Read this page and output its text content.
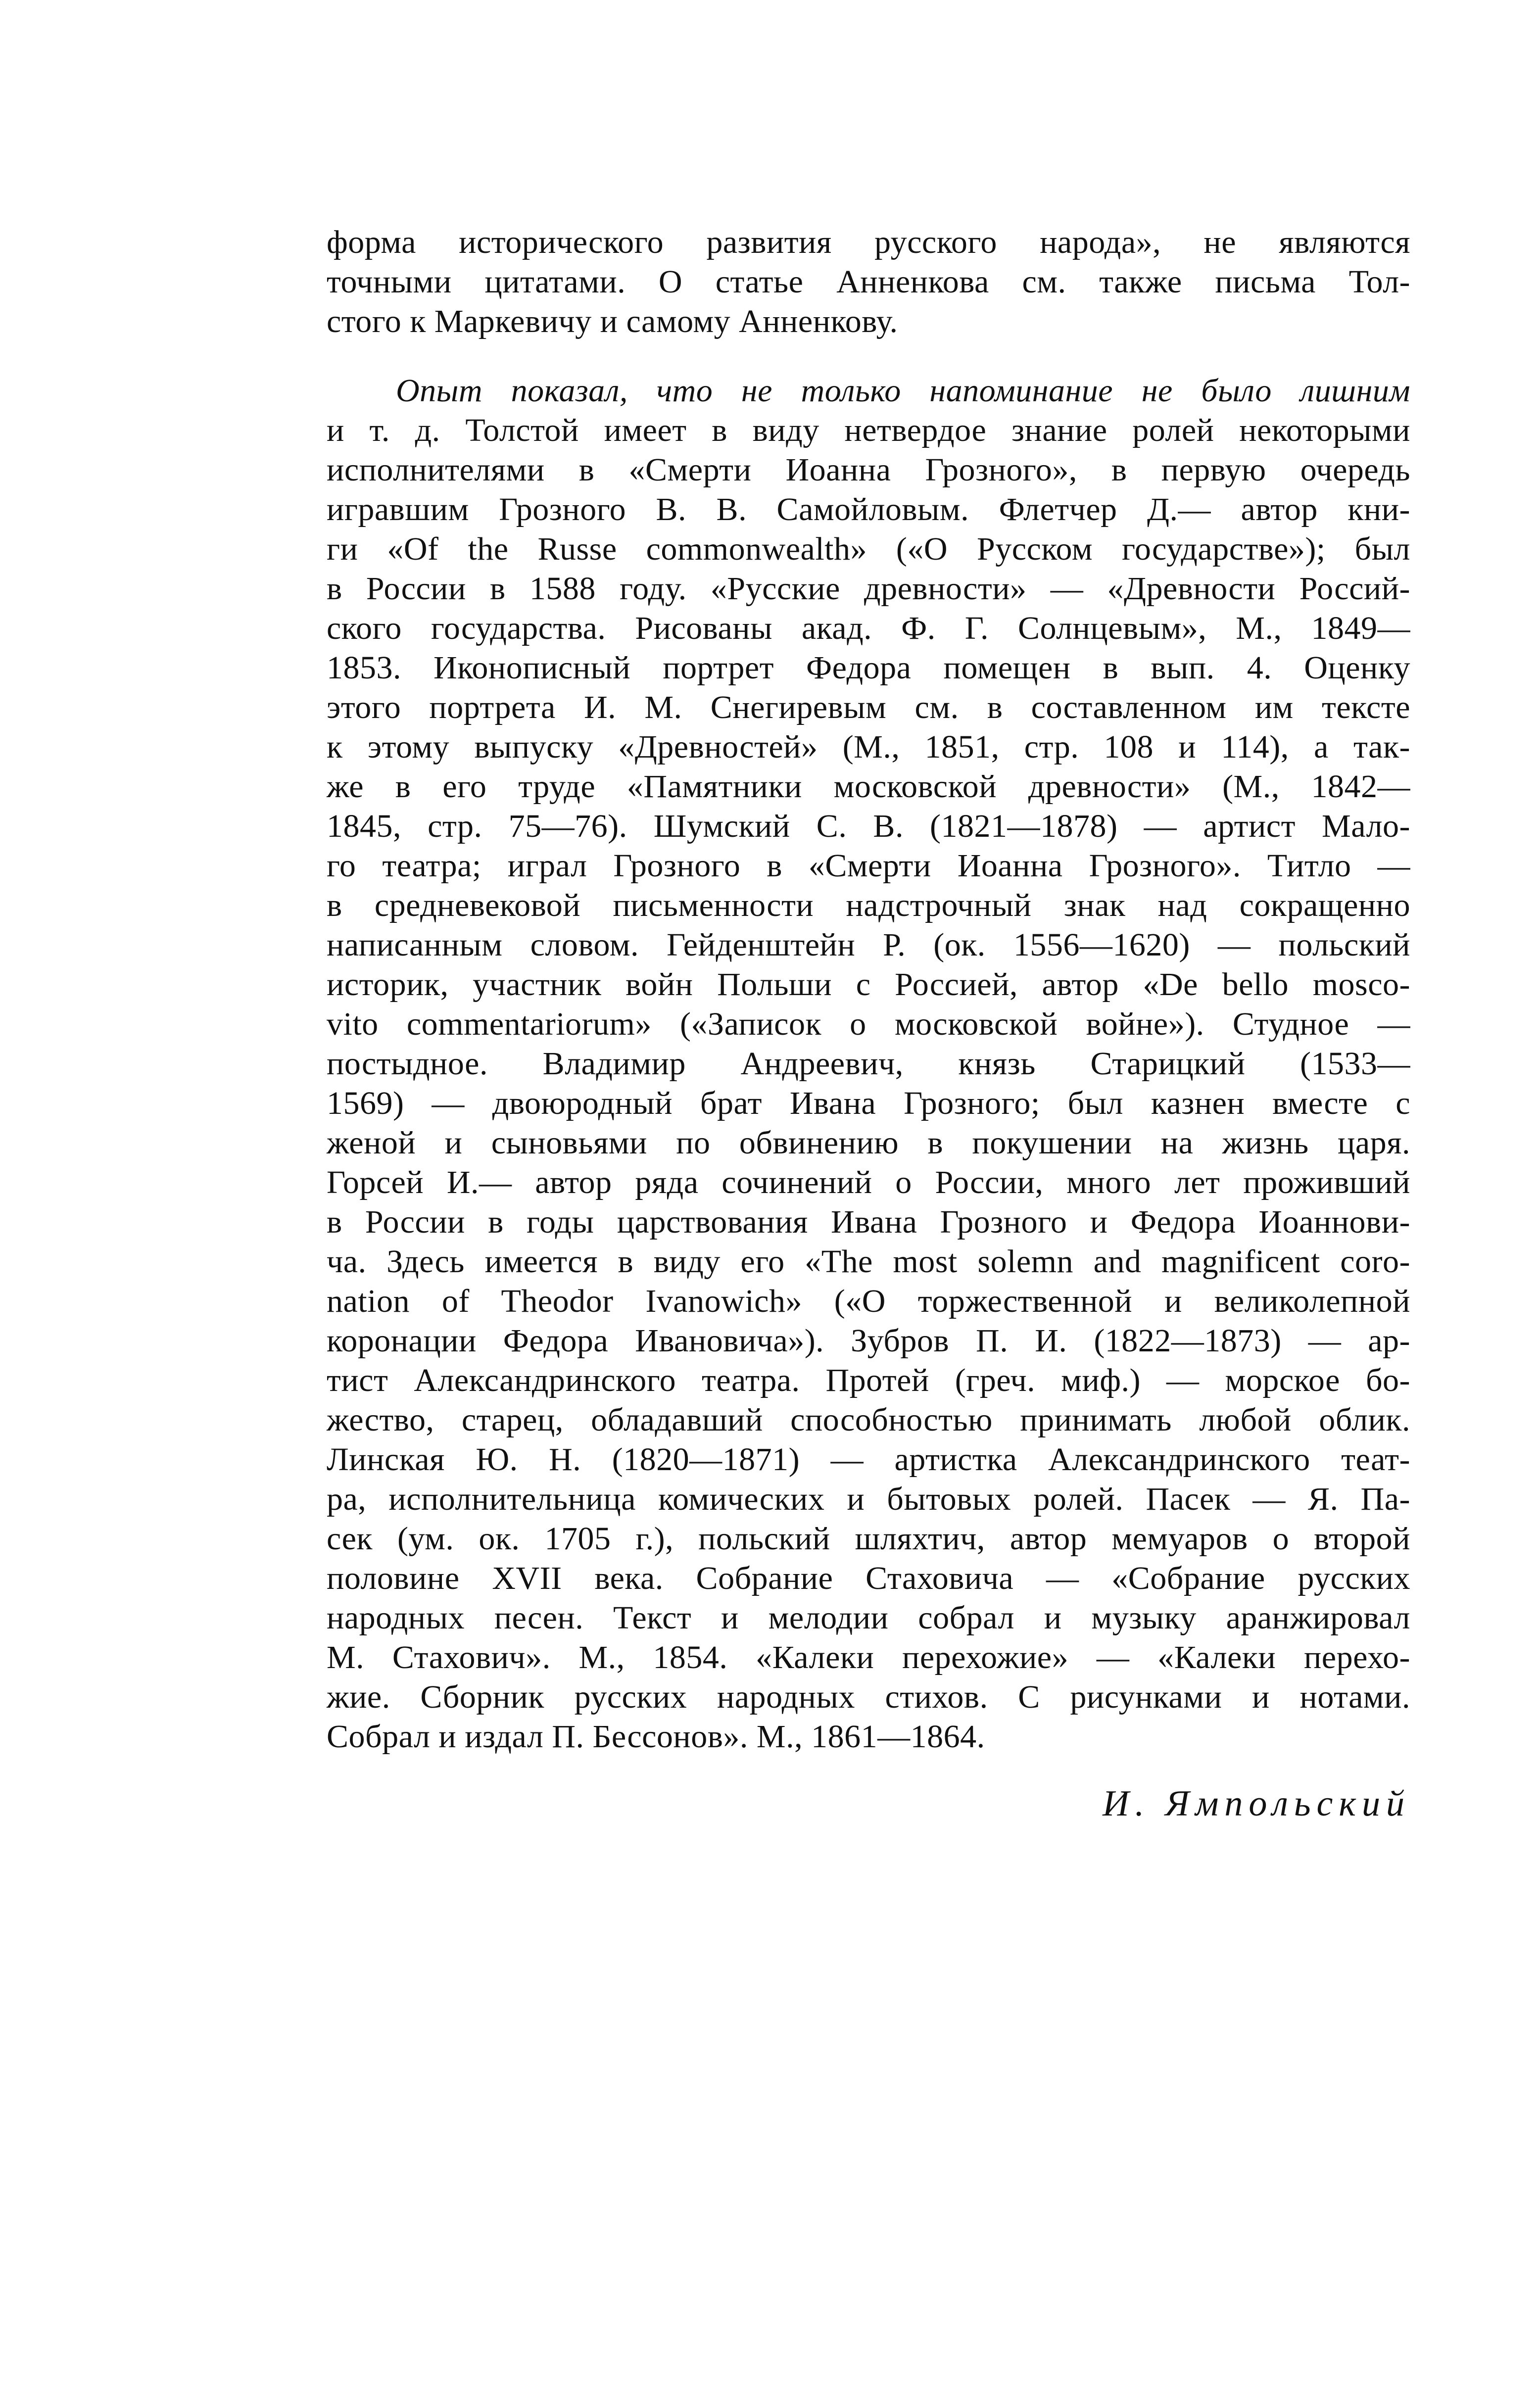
форма исторического развития русского народа», не являются
точными цитатами. О статье Анненкова см. также письма Тол-
стого к Маркевичу и самому Анненкову.
Опыт показал, что не только напоминание не было лишним
и т. д. Толстой имеет в виду нетвердое знание ролей некоторыми
исполнителями в «Смерти Иоанна Грозного», в первую очередь
игравшим Грозного В. В. Самойловым. Флетчер Д.— автор кни-
ги «Of the Russe commonwealth» («О Русском государстве»); был
в России в 1588 году. «Русские древности» — «Древности Россий-
ского государства. Рисованы акад. Ф. Г. Солнцевым», М., 1849—
1853. Иконописный портрет Федора помещен в вып. 4. Оценку
этого портрета И. М. Снегиревым см. в составленном им тексте
к этому выпуску «Древностей» (М., 1851, стр. 108 и 114), а так-
же в его труде «Памятники московской древности» (М., 1842—
1845, стр. 75—76). Шумский С. В. (1821—1878) — артист Мало-
го театра; играл Грозного в «Смерти Иоанна Грозного». Титло —
в средневековой письменности надстрочный знак над сокращенно
написанным словом. Гейденштейн Р. (ок. 1556—1620) — польский
историк, участник войн Польши с Россией, автор «De bello mosco-
vito commentariorum» («Записок о московской войне»). Студное —
постыдное. Владимир Андреевич, князь Старицкий (1533—
1569) — двоюродный брат Ивана Грозного; был казнен вместе с
женой и сыновьями по обвинению в покушении на жизнь царя.
Горсей И.— автор ряда сочинений о России, много лет проживший
в России в годы царствования Ивана Грозного и Федора Иоаннови-
ча. Здесь имеется в виду его «The most solemn and magnificent coro-
nation of Theodor Ivanowich» («О торжественной и великолепной
коронации Федора Ивановича»). Зубров П. И. (1822—1873) — ар-
тист Александринского театра. Протей (греч. миф.) — морское бо-
жество, старец, обладавший способностью принимать любой облик.
Линская Ю. Н. (1820—1871) — артистка Александринского теат-
ра, исполнительница комических и бытовых ролей. Пасек — Я. Па-
сек (ум. ок. 1705 г.), польский шляхтич, автор мемуаров о второй
половине XVII века. Собрание Стаховича — «Собрание русских
народных песен. Текст и мелодии собрал и музыку аранжировал
М. Стахович». М., 1854. «Калеки перехожие» — «Калеки перехо-
жие. Сборник русских народных стихов. С рисунками и нотами.
Собрал и издал П. Бессонов». М., 1861—1864.
И. Ямпольский
